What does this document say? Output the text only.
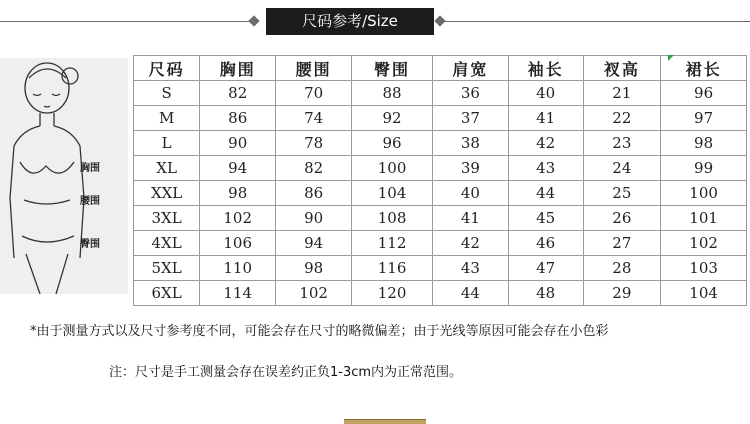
尺码参考/Size reference
胸围
腰围
臀围
尺码	胸围	腰围	臀围	肩宽	袖长	衩高	裙长
S	82	70	88	36	40	21	96
M	86	74	92	37	41	22	97
L	90	78	96	38	42	23	98
XL	94	82	100	39	43	24	99
XXL	98	86	104	40	44	25	100
3XL	102	90	108	41	45	26	101
4XL	106	94	112	42	46	27	102
5XL	110	98	116	43	47	28	103
6XL	114	102	120	44	48	29	104
*由于测量方式以及尺寸参考度不同，可能会存在尺寸的略微偏差；由于光线等原因可能会存在小色彩
注：尺寸是手工测量会存在误差约正负1-3cm内为正常范围。
